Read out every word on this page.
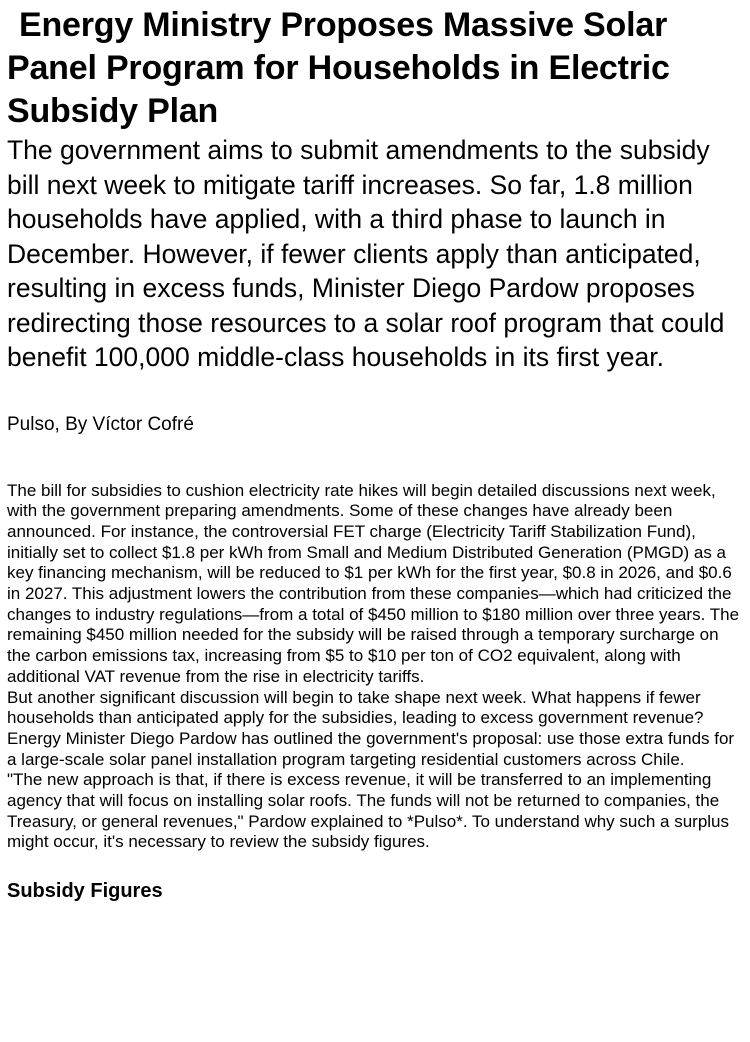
Energy Ministry Proposes Massive Solar Panel Program for Households in Electric Subsidy Plan

The government aims to submit amendments to the subsidy bill next week to mitigate tariff increases. So far, 1.8 million households have applied, with a third phase to launch in December. However, if fewer clients apply than anticipated, resulting in excess funds, Minister Diego Pardow proposes redirecting those resources to a solar roof program that could benefit 100,000 middle-class households in its first year.

Pulso, By Víctor Cofré

The bill for subsidies to cushion electricity rate hikes will begin detailed discussions next week, with the government preparing amendments. Some of these changes have already been announced. For instance, the controversial FET charge (Electricity Tariff Stabilization Fund), initially set to collect $1.8 per kWh from Small and Medium Distributed Generation (PMGD) as a key financing mechanism, will be reduced to $1 per kWh for the first year, $0.8 in 2026, and $0.6 in 2027. This adjustment lowers the contribution from these companies—which had criticized the changes to industry regulations—from a total of $450 million to $180 million over three years. The remaining $450 million needed for the subsidy will be raised through a temporary surcharge on the carbon emissions tax, increasing from $5 to $10 per ton of CO2 equivalent, along with additional VAT revenue from the rise in electricity tariffs.

But another significant discussion will begin to take shape next week. What happens if fewer households than anticipated apply for the subsidies, leading to excess government revenue? Energy Minister Diego Pardow has outlined the government's proposal: use those extra funds for a large-scale solar panel installation program targeting residential customers across Chile.

"The new approach is that, if there is excess revenue, it will be transferred to an implementing agency that will focus on installing solar roofs. The funds will not be returned to companies, the Treasury, or general revenues," Pardow explained to *Pulso*. To understand why such a surplus might occur, it's necessary to review the subsidy figures.

Subsidy Figures
